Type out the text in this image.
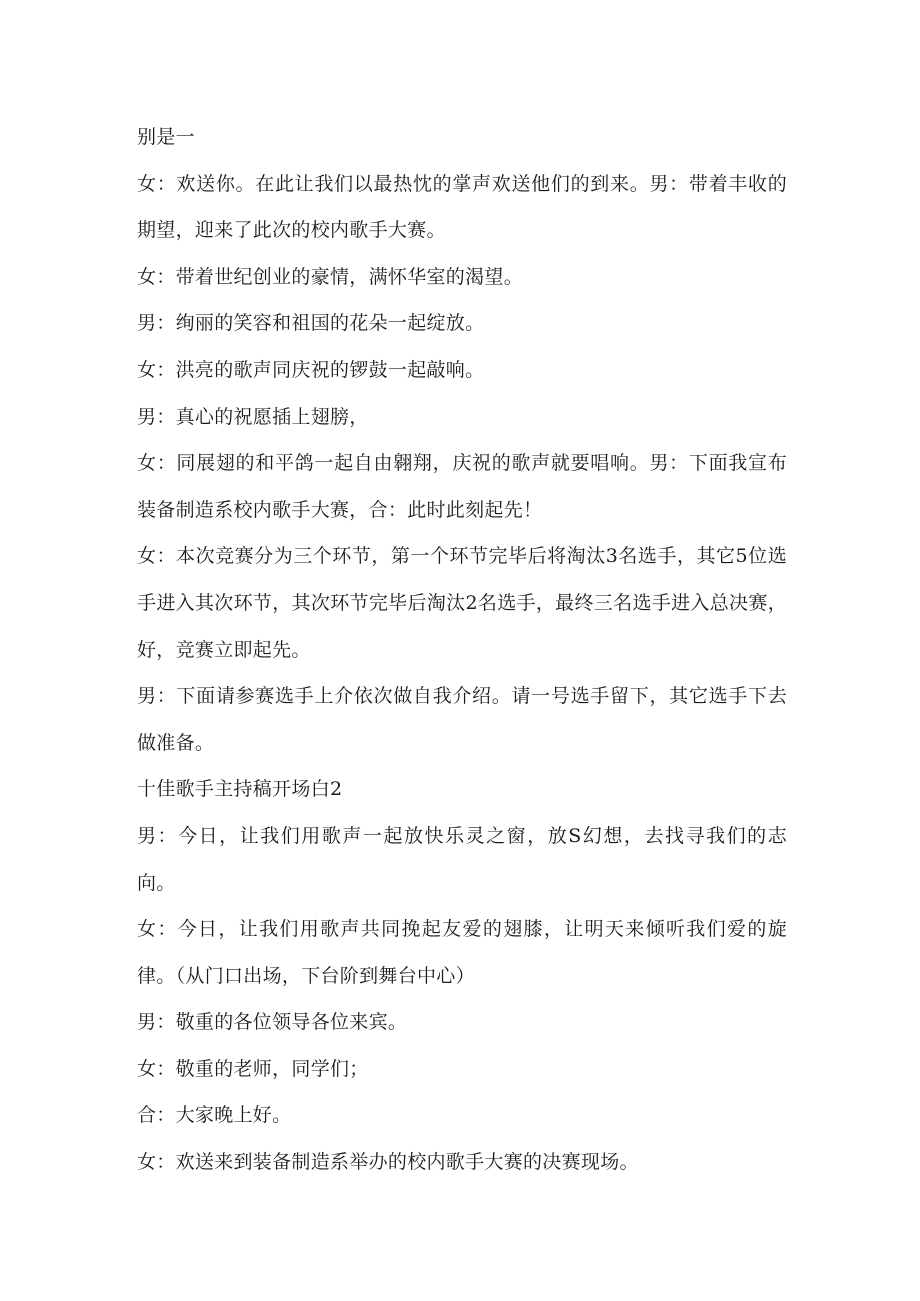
别是一

女：欢送你。在此让我们以最热忱的掌声欢送他们的到来。男：带着丰收的期望，迎来了此次的校内歌手大赛。

女：带着世纪创业的豪情，满怀华室的渴望。

男：绚丽的笑容和祖国的花朵一起绽放。

女：洪亮的歌声同庆祝的锣鼓一起敲响。

男：真心的祝愿插上翅膀，

女：同展翅的和平鸽一起自由翱翔，庆祝的歌声就要唱响。男：下面我宣布装备制造系校内歌手大赛，合：此时此刻起先！

女：本次竞赛分为三个环节，第一个环节完毕后将淘汰3名选手，其它5位选手进入其次环节，其次环节完毕后淘汰2名选手，最终三名选手进入总决赛，好，竞赛立即起先。

男：下面请参赛选手上介依次做自我介绍。请一号选手留下，其它选手下去做准备。

十佳歌手主持稿开场白2

男：今日，让我们用歌声一起放快乐灵之窗，放S幻想，去找寻我们的志向。

女：今日，让我们用歌声共同挽起友爱的翅膝，让明天来倾听我们爱的旋律。（从门口出场，下台阶到舞台中心）

男：敬重的各位领导各位来宾。

女：敬重的老师，同学们；

合：大家晚上好。

女：欢送来到装备制造系举办的校内歌手大赛的决赛现场。
